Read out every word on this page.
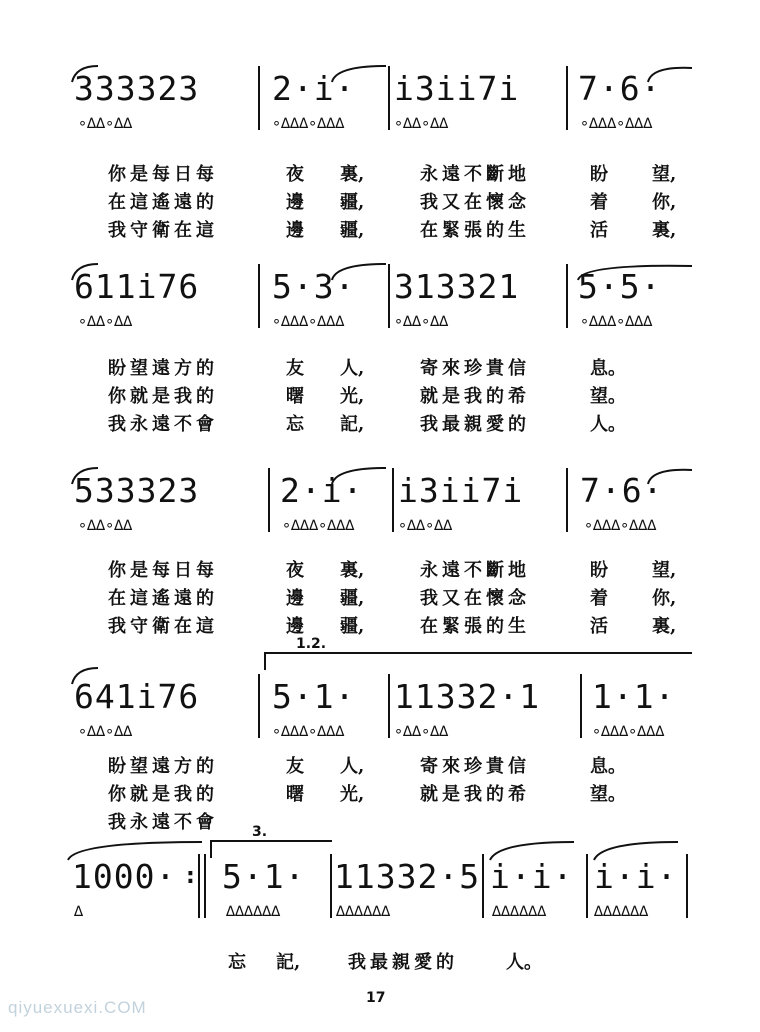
333323
∘∆∆∘∆∆
2·i·
∘∆∆∆∘∆∆∆
i3ii7i
∘∆∆∘∆∆
7·6·
∘∆∆∆∘∆∆∆
你是每日每	夜 裏,	永遠不斷地	盼 望,
在這遙遠的	邊 疆,	我又在懷念	着 你,
我守衛在這	邊 疆,	在緊張的生	活 裏,
611i76
∘∆∆∘∆∆
5·3·
∘∆∆∆∘∆∆∆
313321
∘∆∆∘∆∆
5·5·
∘∆∆∆∘∆∆∆
盼望遠方的	友 人,	寄來珍貴信	息。
你就是我的	曙 光,	就是我的希	望。
我永遠不會	忘 記,	我最親愛的	人。
533323
∘∆∆∘∆∆
2·i·
∘∆∆∆∘∆∆∆
i3ii7i
∘∆∆∘∆∆
7·6·
∘∆∆∆∘∆∆∆
你是每日每	夜 裏,	永遠不斷地	盼 望,
在這遙遠的	邊 疆,	我又在懷念	着 你,
我守衛在這	邊 疆,	在緊張的生	活 裏,
641i76
∘∆∆∘∆∆
1.2.
5·1·
∘∆∆∆∘∆∆∆
11332·1
∘∆∆∘∆∆
1·1·
∘∆∆∆∘∆∆∆
盼望遠方的	友 人,	寄來珍貴信	息。
你就是我的	曙 光,	就是我的希	望。
我永遠不會
1000·
∆
:
3.
5·1·
∆∆∆∆∆∆
11332·5
∆∆∆∆∆∆
i·i·
∆∆∆∆∆∆
i·i·
∆∆∆∆∆∆
忘 記,	我最親愛的	人。
17
qiyuexuexi.COM
